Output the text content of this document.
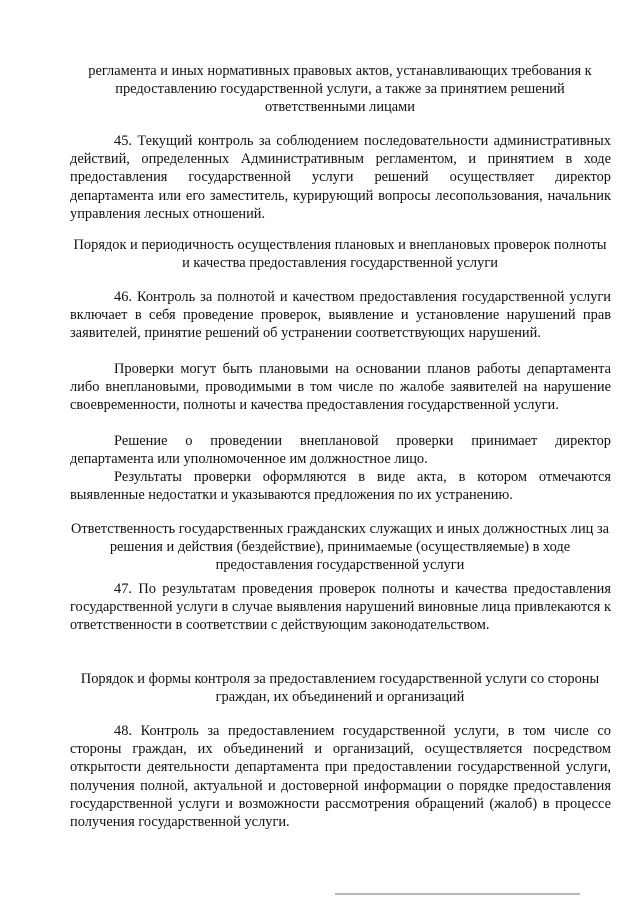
регламента и иных нормативных правовых актов, устанавливающих требования к предоставлению государственной услуги, а также за принятием решений ответственными лицами

45. Текущий контроль за соблюдением последовательности административных действий, определенных Административным регламентом, и принятием в ходе предоставления государственной услуги решений осуществляет директор департамента или его заместитель, курирующий вопросы лесопользования, начальник управления лесных отношений.

Порядок и периодичность осуществления плановых и внеплановых проверок полноты и качества предоставления государственной услуги

46. Контроль за полнотой и качеством предоставления государственной услуги включает в себя проведение проверок, выявление и установление нарушений прав заявителей, принятие решений об устранении соответствующих нарушений.

Проверки могут быть плановыми на основании планов работы департамента либо внеплановыми, проводимыми в том числе по жалобе заявителей на нарушение своевременности, полноты и качества предоставления государственной услуги.

Решение о проведении внеплановой проверки принимает директор департамента или уполномоченное им должностное лицо.

Результаты проверки оформляются в виде акта, в котором отмечаются выявленные недостатки и указываются предложения по их устранению.

Ответственность государственных гражданских служащих и иных должностных лиц за решения и действия (бездействие), принимаемые (осуществляемые) в ходе предоставления государственной услуги

47. По результатам проведения проверок полноты и качества предоставления государственной услуги в случае выявления нарушений виновные лица привлекаются к ответственности в соответствии с действующим законодательством.

Порядок и формы контроля за предоставлением государственной услуги со стороны граждан, их объединений и организаций

48. Контроль за предоставлением государственной услуги, в том числе со стороны граждан, их объединений и организаций, осуществляется посредством открытости деятельности департамента при предоставлении государственной услуги, получения полной, актуальной и достоверной информации о порядке предоставления государственной услуги и возможности рассмотрения обращений (жалоб) в процессе получения государственной услуги.
